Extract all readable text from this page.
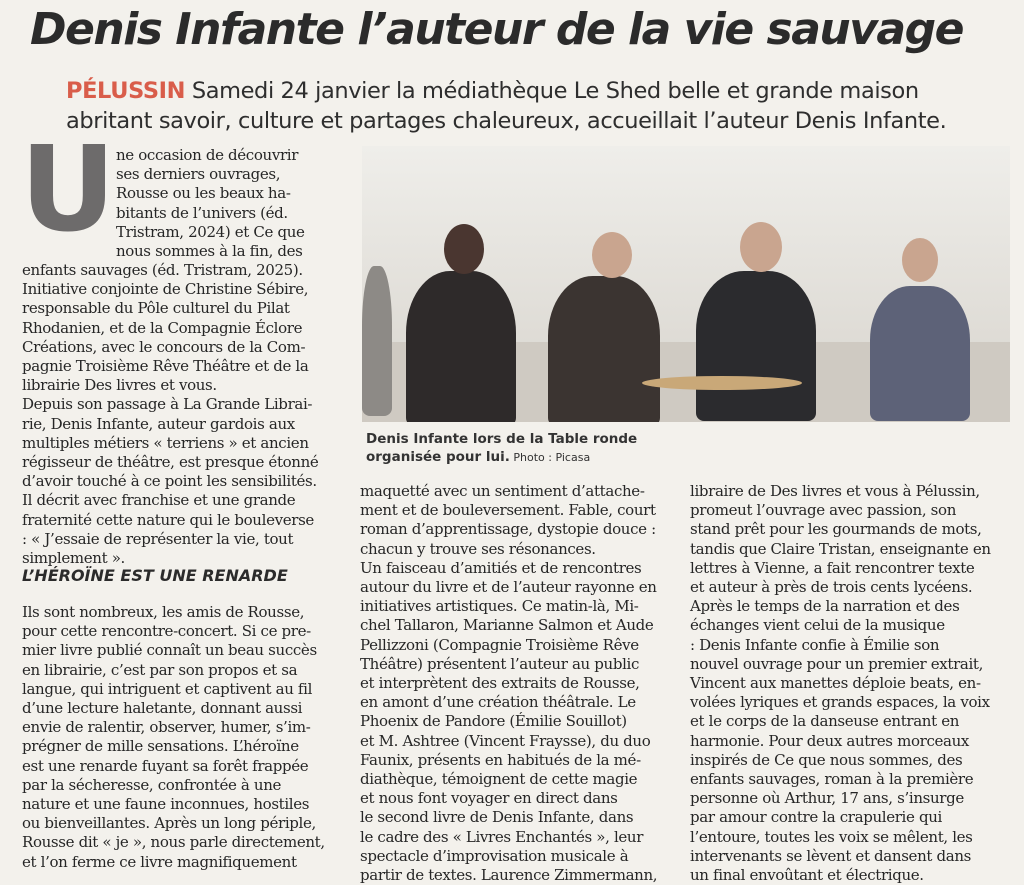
Denis Infante l’auteur de la vie sauvage
PÉLUSSIN Samedi 24 janvier la médiathèque Le Shed belle et grande maison abritant savoir, culture et partages chaleureux, accueillait l’auteur Denis Infante.
U ne occasion de découvrir
ses derniers ouvrages,
Rousse ou les beaux ha-
bitants de l’univers (éd.
Tristram, 2024) et Ce que
nous sommes à la fin, des
enfants sauvages (éd. Tristram, 2025).
Initiative conjointe de Christine Sébire,
responsable du Pôle culturel du Pilat
Rhodanien, et de la Compagnie Éclore
Créations, avec le concours de la Com-
pagnie Troisième Rêve Théâtre et de la
librairie Des livres et vous.
Depuis son passage à La Grande Librai-
rie, Denis Infante, auteur gardois aux
multiples métiers « terriens » et ancien
régisseur de théâtre, est presque étonné
d’avoir touché à ce point les sensibilités.
Il décrit avec franchise et une grande
fraternité cette nature qui le bouleverse
: « J’essaie de représenter la vie, tout
simplement ».
L’HÉROÏNE EST UNE RENARDE
Ils sont nombreux, les amis de Rousse,
pour cette rencontre-concert. Si ce pre-
mier livre publié connaît un beau succès
en librairie, c’est par son propos et sa
langue, qui intriguent et captivent au fil
d’une lecture haletante, donnant aussi
envie de ralentir, observer, humer, s’im-
prégner de mille sensations. L’héroïne
est une renarde fuyant sa forêt frappée
par la sécheresse, confrontée à une
nature et une faune inconnues, hostiles
ou bienveillantes. Après un long périple,
Rousse dit « je », nous parle directement,
et l’on ferme ce livre magnifiquement
Denis Infante lors de la Table ronde organisée pour lui. Photo : Picasa
maquetté avec un sentiment d’attache-
ment et de bouleversement. Fable, court
roman d’apprentissage, dystopie douce :
chacun y trouve ses résonances.
Un faisceau d’amitiés et de rencontres
autour du livre et de l’auteur rayonne en
initiatives artistiques. Ce matin-là, Mi-
chel Tallaron, Marianne Salmon et Aude
Pellizzoni (Compagnie Troisième Rêve
Théâtre) présentent l’auteur au public
et interprètent des extraits de Rousse,
en amont d’une création théâtrale. Le
Phoenix de Pandore (Émilie Souillot)
et M. Ashtree (Vincent Fraysse), du duo
Faunix, présents en habitués de la mé-
diathèque, témoignent de cette magie
et nous font voyager en direct dans
le second livre de Denis Infante, dans
le cadre des « Livres Enchantés », leur
spectacle d’improvisation musicale à
partir de textes. Laurence Zimmermann,
libraire de Des livres et vous à Pélussin,
promeut l’ouvrage avec passion, son
stand prêt pour les gourmands de mots,
tandis que Claire Tristan, enseignante en
lettres à Vienne, a fait rencontrer texte
et auteur à près de trois cents lycéens.
Après le temps de la narration et des
échanges vient celui de la musique
: Denis Infante confie à Émilie son
nouvel ouvrage pour un premier extrait,
Vincent aux manettes déploie beats, en-
volées lyriques et grands espaces, la voix
et le corps de la danseuse entrant en
harmonie. Pour deux autres morceaux
inspirés de Ce que nous sommes, des
enfants sauvages, roman à la première
personne où Arthur, 17 ans, s’insurge
par amour contre la crapulerie qui
l’entoure, toutes les voix se mêlent, les
intervenants se lèvent et dansent dans
un final envoûtant et électrique.
